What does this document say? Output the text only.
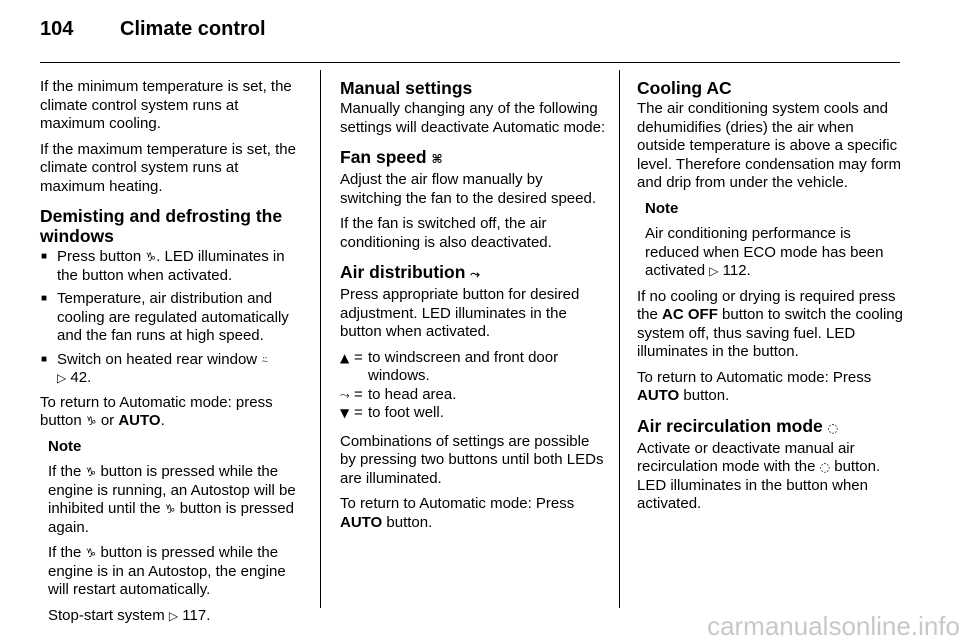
104 Climate control

If the minimum temperature is set, the climate control system runs at maximum cooling.

If the maximum temperature is set, the climate control system runs at maximum heating.

Demisting and defrosting the windows
■ Press button ♑. LED illuminates in the button when activated.
■ Temperature, air distribution and cooling are regulated automatically and the fan runs at high speed.
■ Switch on heated rear window ⍨
▷ 42.

To return to Automatic mode: press button ♑ or AUTO.

Note

If the ♑ button is pressed while the engine is running, an Autostop will be inhibited until the ♑ button is pressed again.

If the ♑ button is pressed while the engine is in an Autostop, the engine will restart automatically.

Stop-start system ▷ 117.

Manual settings

Manually changing any of the following settings will deactivate Automatic mode:

Fan speed ⌘

Adjust the air flow manually by switching the fan to the desired speed.

If the fan is switched off, the air conditioning is also deactivated.

Air distribution ⤳

Press appropriate button for desired adjustment. LED illuminates in the button when activated.

▲ = to windscreen and front door windows.
⤳ = to head area.
▼ = to foot well.

Combinations of settings are possible by pressing two buttons until both LEDs are illuminated.

To return to Automatic mode: Press AUTO button.

Cooling AC

The air conditioning system cools and dehumidifies (dries) the air when outside temperature is above a specific level. Therefore condensation may form and drip from under the vehicle.

Note

Air conditioning performance is reduced when ECO mode has been activated ▷ 112.

If no cooling or drying is required press the AC OFF button to switch the cooling system off, thus saving fuel. LED illuminates in the button.

To return to Automatic mode: Press
AUTO button.

Air recirculation mode ◌

Activate or deactivate manual air recirculation mode with the ◌ button. LED illuminates in the button when activated.

carmanualsonline.info
